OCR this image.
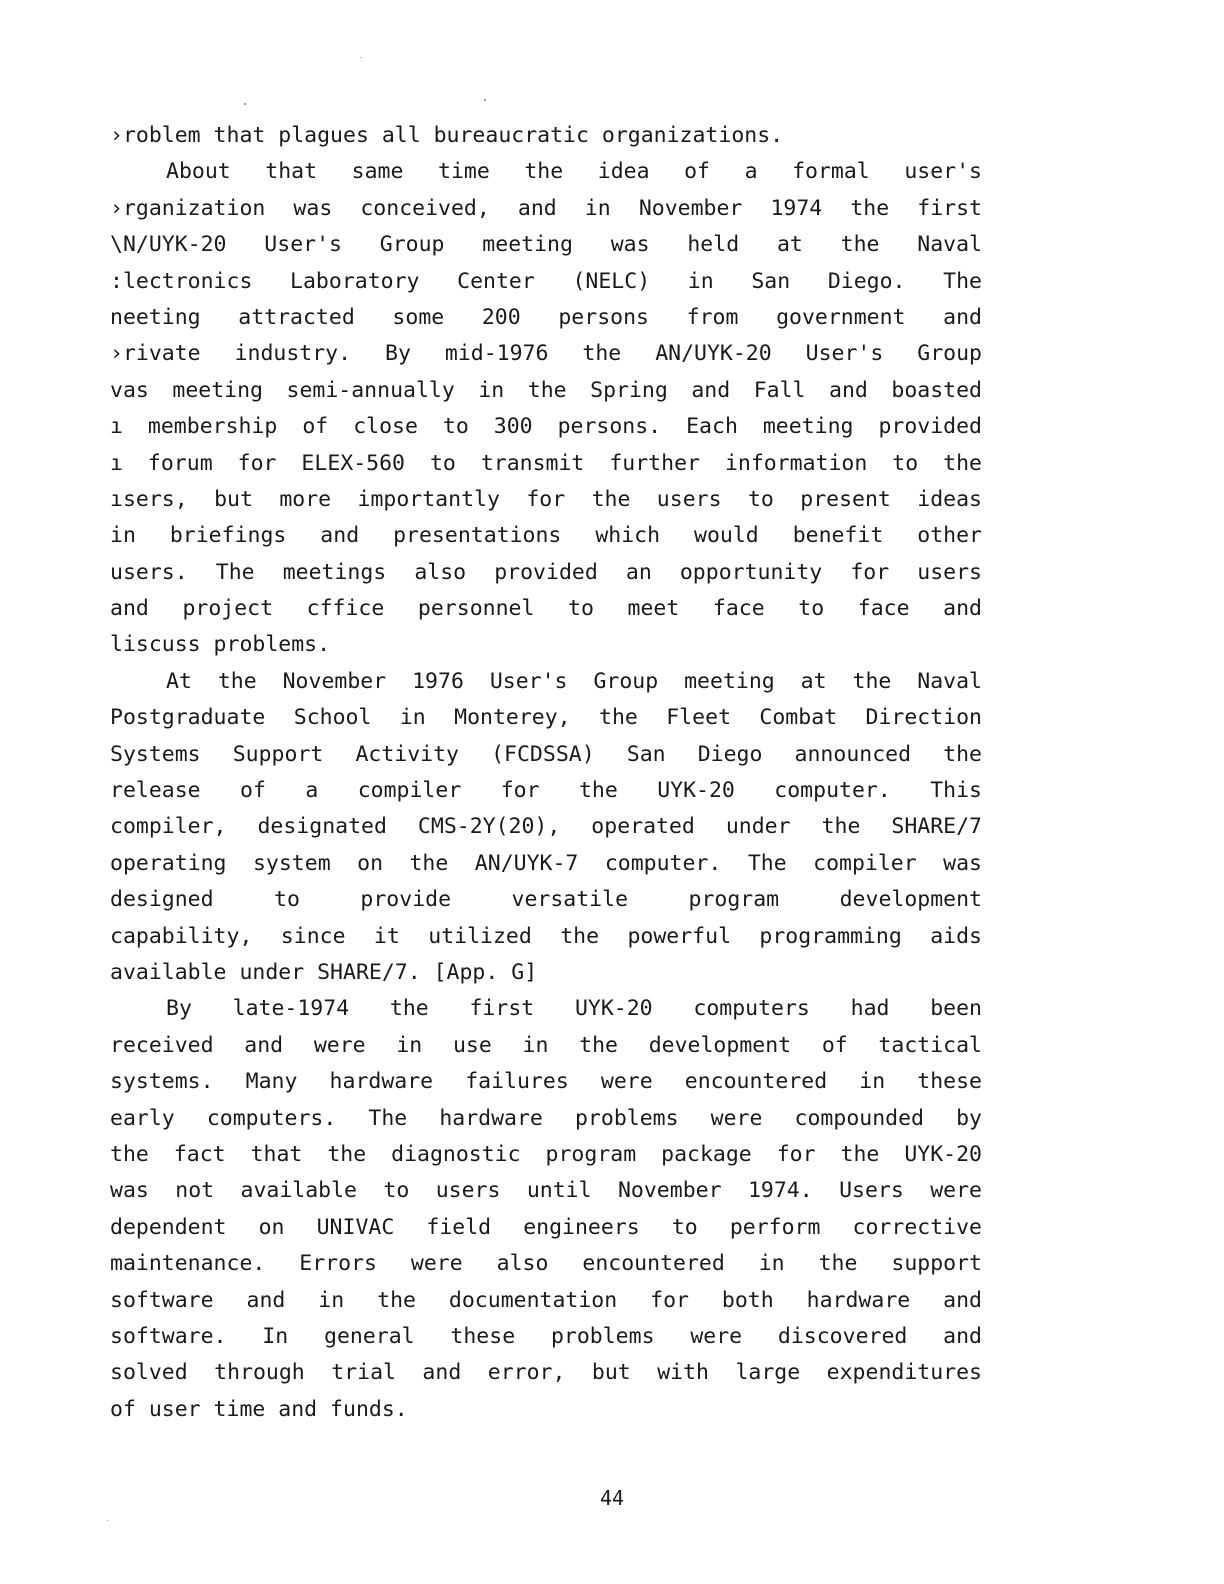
›roblem that plagues all bureaucratic organizations.
About that same time the idea of a formal user's
›rganization was conceived, and in November 1974 the first
\N/UYK-20 User's Group meeting was held at the Naval
:lectronics Laboratory Center (NELC) in San Diego. The
neeting attracted some 200 persons from government and
›rivate industry. By mid-1976 the AN/UYK-20 User's Group
vas meeting semi-annually in the Spring and Fall and boasted
ı membership of close to 300 persons. Each meeting provided
ı forum for ELEX-560 to transmit further information to the
ısers, but more importantly for the users to present ideas
in briefings and presentations which would benefit other
users. The meetings also provided an opportunity for users
and project cffice personnel to meet face to face and
liscuss problems.
At the November 1976 User's Group meeting at the Naval
Postgraduate School in Monterey, the Fleet Combat Direction
Systems Support Activity (FCDSSA) San Diego announced the
release of a compiler for the UYK-20 computer. This
compiler, designated CMS-2Y(20), operated under the SHARE/7
operating system on the AN/UYK-7 computer. The compiler was
designed to provide versatile program development
capability, since it utilized the powerful programming aids
available under SHARE/7. [App. G]
By late-1974 the first UYK-20 computers had been
received and were in use in the development of tactical
systems. Many hardware failures were encountered in these
early computers. The hardware problems were compounded by
the fact that the diagnostic program package for the UYK-20
was not available to users until November 1974. Users were
dependent on UNIVAC field engineers to perform corrective
maintenance. Errors were also encountered in the support
software and in the documentation for both hardware and
software. In general these problems were discovered and
solved through trial and error, but with large expenditures
of user time and funds.
44
